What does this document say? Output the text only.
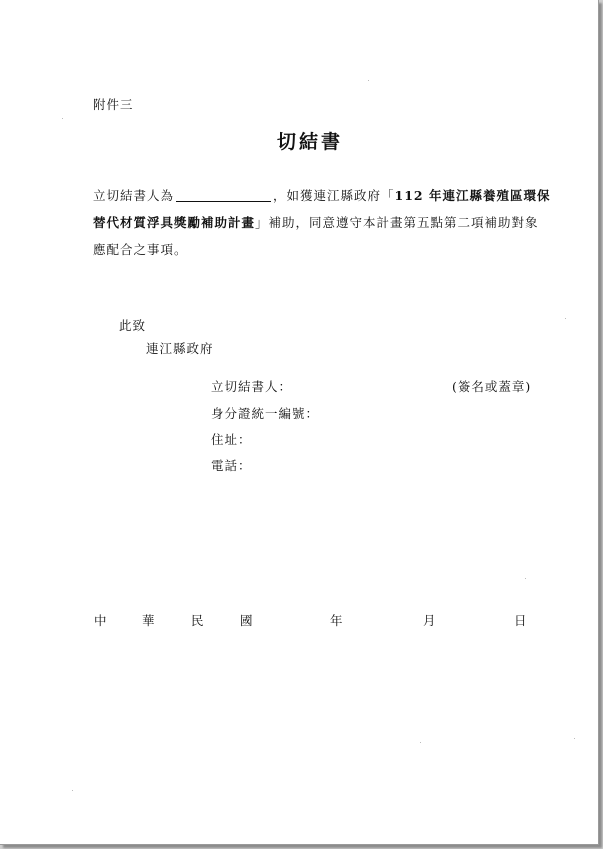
附件三
切結書
立切結書人為	，如獲連江縣政府「112 年連江縣養殖區環保
替代材質浮具獎勵補助計畫」補助，同意遵守本計畫第五點第二項補助對象
應配合之事項。
此致
連江縣政府
立切結書人：	(簽名或蓋章)
身分證統一編號：
住址：
電話：
中	華	民	國	年	月	日
